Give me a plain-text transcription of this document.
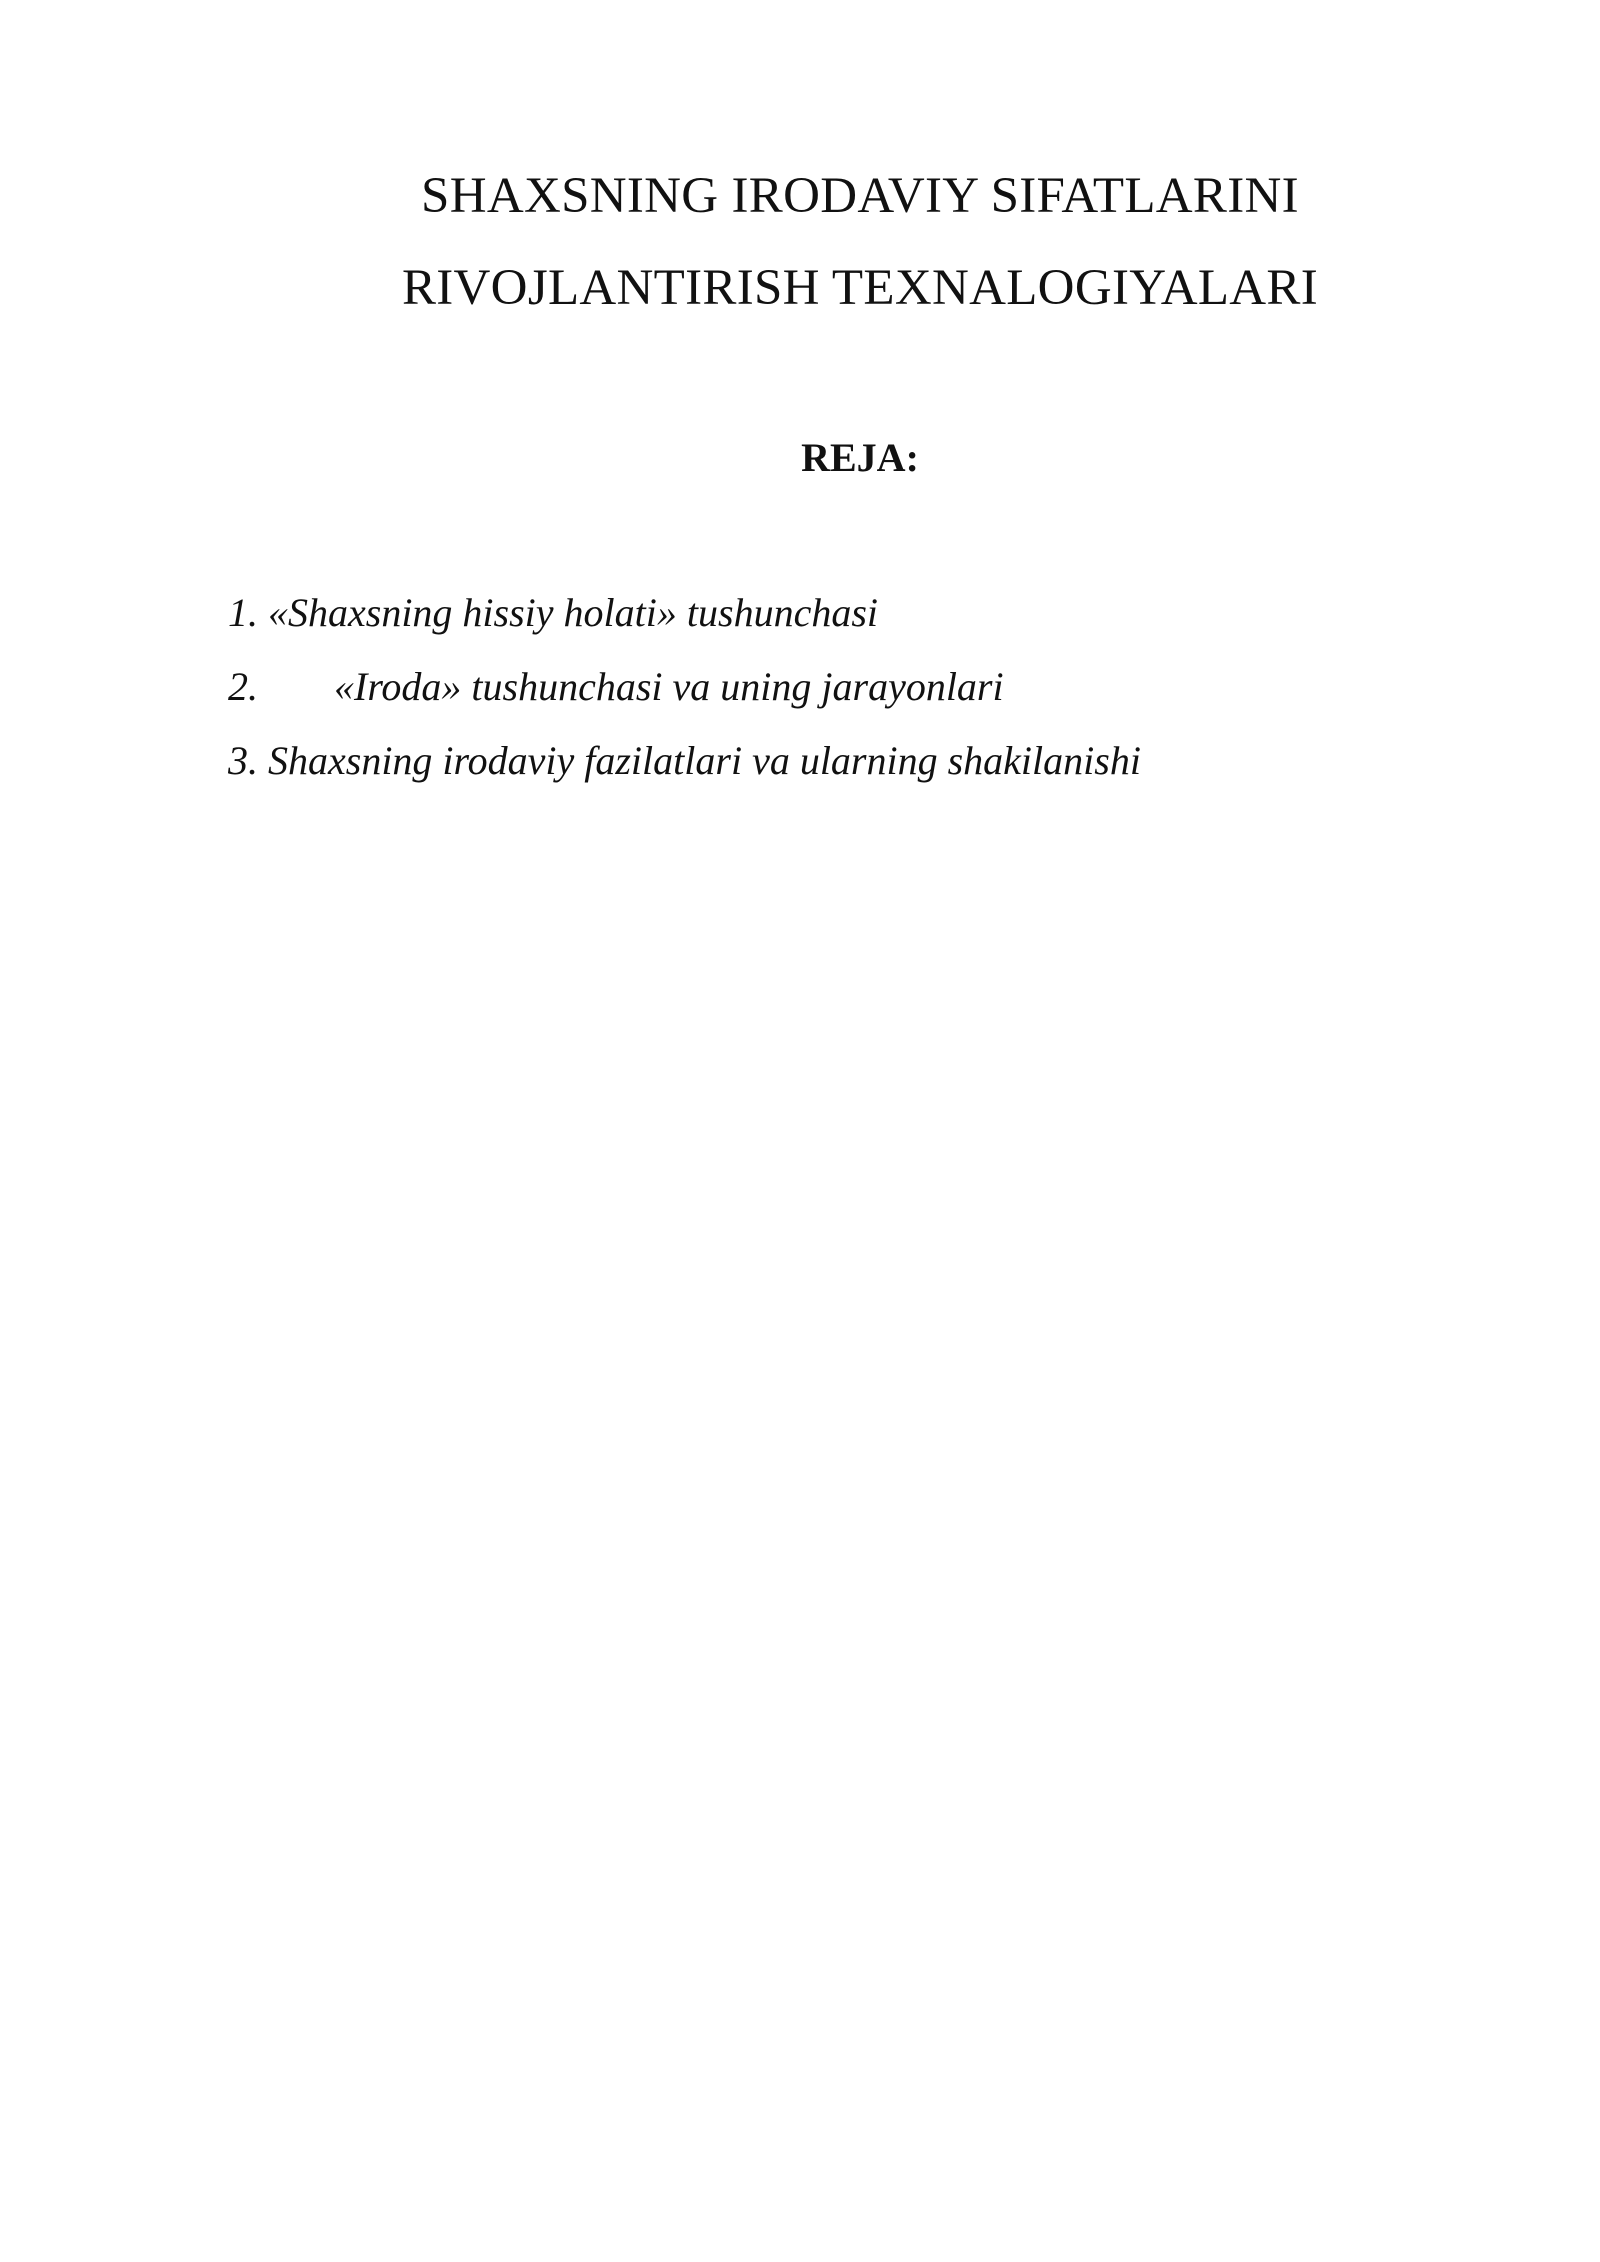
SHAXSNING IRODAVIY SIFATLARINI
RIVOJLANTIRISH TEXNALOGIYALARI
REJA:
1. «Shaxsning hissiy holati» tushunchasi
2. «Iroda» tushunchasi va uning jarayonlari
3. Shaxsning irodaviy fazilatlari va ularning shakilanishi
